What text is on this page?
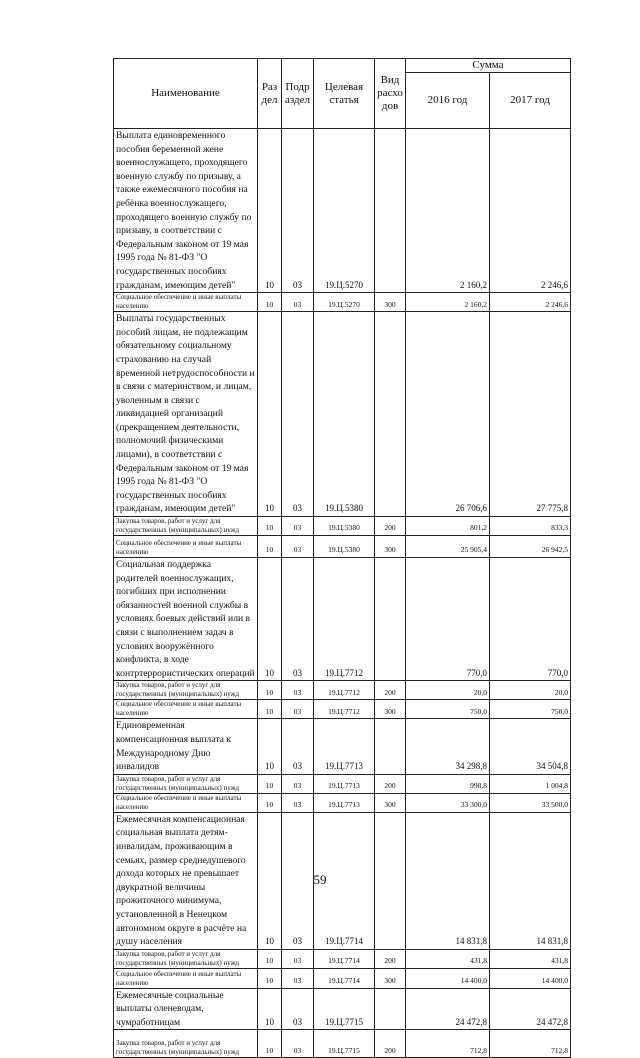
Наименование	Раз дел	Подр аздел	Целевая статья	Вид расхо дов	Сумма	
					2016 год	2017 год
Выплата единовременного пособия беременной жене военнослужащего, проходящего военную службу по призыву, а также ежемесячного пособия на ребёнка военнослужащего, проходящего военную службу по призыву, в соответствии с Федеральным законом от 19 мая 1995 года № 81-ФЗ "О государственных пособиях гражданам, имеющим детей"	10	03	19.Ц.5270		2 160,2	2 246,6
Социальное обеспечение и иные выплаты населению	10	03	19.Ц.5270	300	2 160,2	2 246,6
Выплаты государственных пособий лицам, не подлежащим обязательному социальному страхованию на случай временной нетрудоспособности и в связи с материнством, и лицам, уволенным в связи с ликвидацией организаций (прекращением деятельности, полномочий физическими лицами), в соответствии с Федеральным законом от 19 мая 1995 года № 81-ФЗ "О государственных пособиях гражданам, имеющим детей"	10	03	19.Ц.5380		26 706,6	27 775,8
Закупка товаров, работ и услуг для государственных (муниципальных) нужд	10	03	19.Ц.5380	200	801,2	833,3
Социальное обеспечение и иные выплаты населению	10	03	19.Ц.5380	300	25 905,4	26 942,5
Социальная поддержка родителей военнослужащих, погибших при исполнении обязанностей военной службы в условиях боевых действий или в связи с выполнением задач в условиях вооружённого конфликта, в ходе контртеррористических операций	10	03	19.Ц.7712		770,0	770,0
Закупка товаров, работ и услуг для государственных (муниципальных) нужд	10	03	19.Ц.7712	200	20,0	20,0
Социальное обеспечение и иные выплаты населению	10	03	19.Ц.7712	300	750,0	750,0
Единовременная компенсационная выплата к Международному Дню инвалидов	10	03	19.Ц.7713		34 298,8	34 504,8
Закупка товаров, работ и услуг для государственных (муниципальных) нужд	10	03	19.Ц.7713	200	998,8	1 004,8
Социальное обеспечение и иные выплаты населению	10	03	19.Ц.7713	300	33 300,0	33 500,0
Ежемесячная компенсационная социальная выплата детям-инвалидам, проживающим в семьях, размер среднедушевого дохода которых не превышает двукратной величины прожиточного минимума, установленной в Ненецком автономном округе в расчёте на душу населения	10	03	19.Ц.7714		14 831,8	14 831,8
Закупка товаров, работ и услуг для государственных (муниципальных) нужд	10	03	19.Ц.7714	200	431,8	431,8
Социальное обеспечение и иные выплаты населению	10	03	19.Ц.7714	300	14 400,0	14 400,0
Ежемесячные социальные выплаты оленеводам, чумработницам	10	03	19.Ц.7715		24 472,8	24 472,8
Закупка товаров, работ и услуг для государственных (муниципальных) нужд	10	03	19.Ц.7715	200	712,8	712,8
59
